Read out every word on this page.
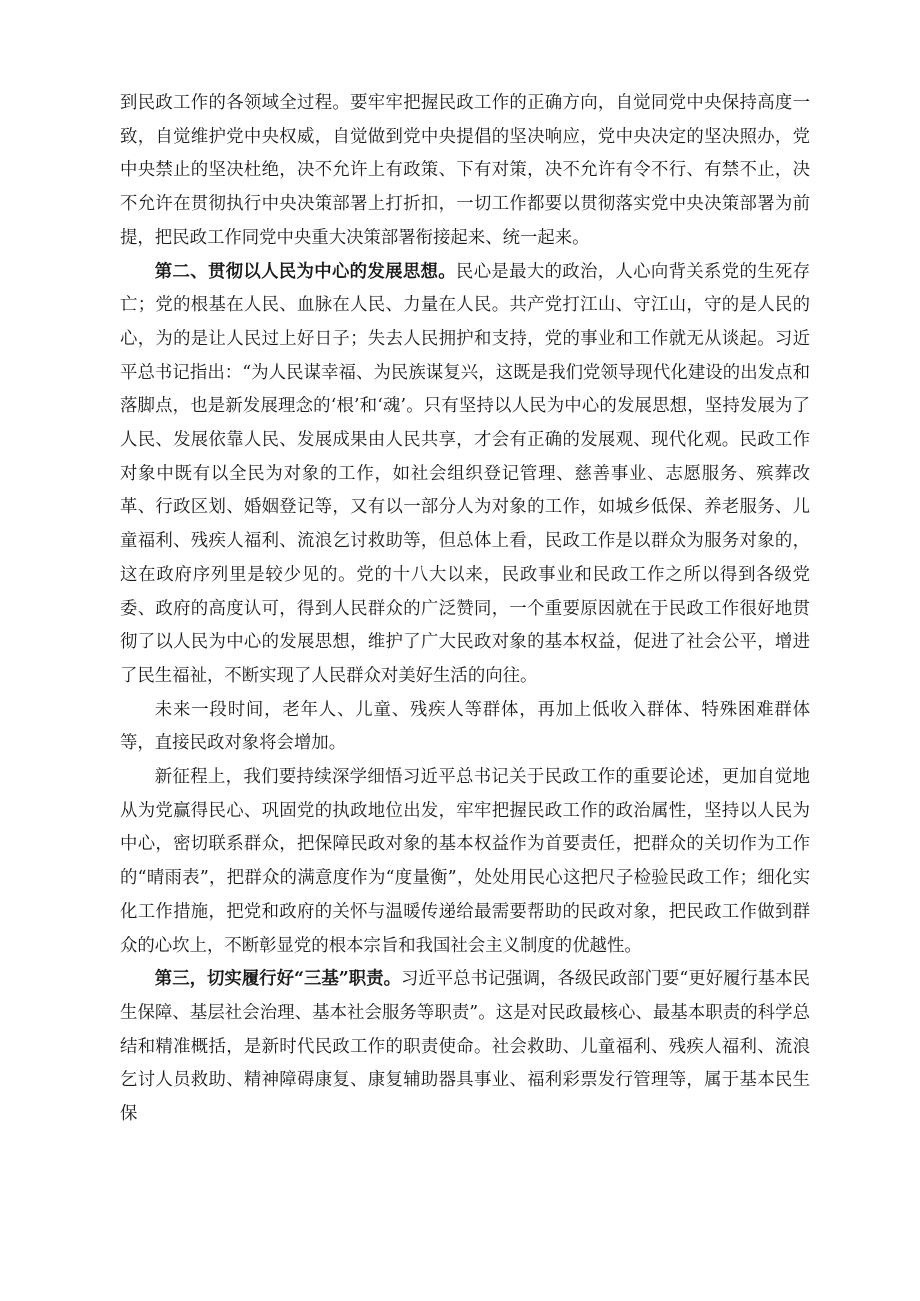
到民政工作的各领域全过程。要牢牢把握民政工作的正确方向，自觉同党中央保持高度一致，自觉维护党中央权威，自觉做到党中央提倡的坚决响应，党中央决定的坚决照办，党中央禁止的坚决杜绝，决不允许上有政策、下有对策，决不允许有令不行、有禁不止，决不允许在贯彻执行中央决策部署上打折扣，一切工作都要以贯彻落实党中央决策部署为前提，把民政工作同党中央重大决策部署衔接起来、统一起来。

第二、贯彻以人民为中心的发展思想。民心是最大的政治，人心向背关系党的生死存亡；党的根基在人民、血脉在人民、力量在人民。共产党打江山、守江山，守的是人民的心，为的是让人民过上好日子；失去人民拥护和支持，党的事业和工作就无从谈起。习近平总书记指出：“为人民谋幸福、为民族谋复兴，这既是我们党领导现代化建设的出发点和落脚点，也是新发展理念的‘根’和‘魂’。只有坚持以人民为中心的发展思想，坚持发展为了人民、发展依靠人民、发展成果由人民共享，才会有正确的发展观、现代化观。民政工作对象中既有以全民为对象的工作，如社会组织登记管理、慈善事业、志愿服务、殡葬改革、行政区划、婚姻登记等，又有以一部分人为对象的工作，如城乡低保、养老服务、儿童福利、残疾人福利、流浪乞讨救助等，但总体上看，民政工作是以群众为服务对象的，这在政府序列里是较少见的。党的十八大以来，民政事业和民政工作之所以得到各级党委、政府的高度认可，得到人民群众的广泛赞同，一个重要原因就在于民政工作很好地贯彻了以人民为中心的发展思想，维护了广大民政对象的基本权益，促进了社会公平，增进了民生福祉，不断实现了人民群众对美好生活的向往。

未来一段时间，老年人、儿童、残疾人等群体，再加上低收入群体、特殊困难群体等，直接民政对象将会增加。

新征程上，我们要持续深学细悟习近平总书记关于民政工作的重要论述，更加自觉地从为党赢得民心、巩固党的执政地位出发，牢牢把握民政工作的政治属性，坚持以人民为中心，密切联系群众，把保障民政对象的基本权益作为首要责任，把群众的关切作为工作的“晴雨表”，把群众的满意度作为“度量衡”，处处用民心这把尺子检验民政工作；细化实化工作措施，把党和政府的关怀与温暖传递给最需要帮助的民政对象，把民政工作做到群众的心坎上，不断彰显党的根本宗旨和我国社会主义制度的优越性。

第三，切实履行好“三基”职责。习近平总书记强调，各级民政部门要“更好履行基本民生保障、基层社会治理、基本社会服务等职责”。这是对民政最核心、最基本职责的科学总结和精准概括，是新时代民政工作的职责使命。社会救助、儿童福利、残疾人福利、流浪乞讨人员救助、精神障碍康复、康复辅助器具事业、福利彩票发行管理等，属于基本民生保
